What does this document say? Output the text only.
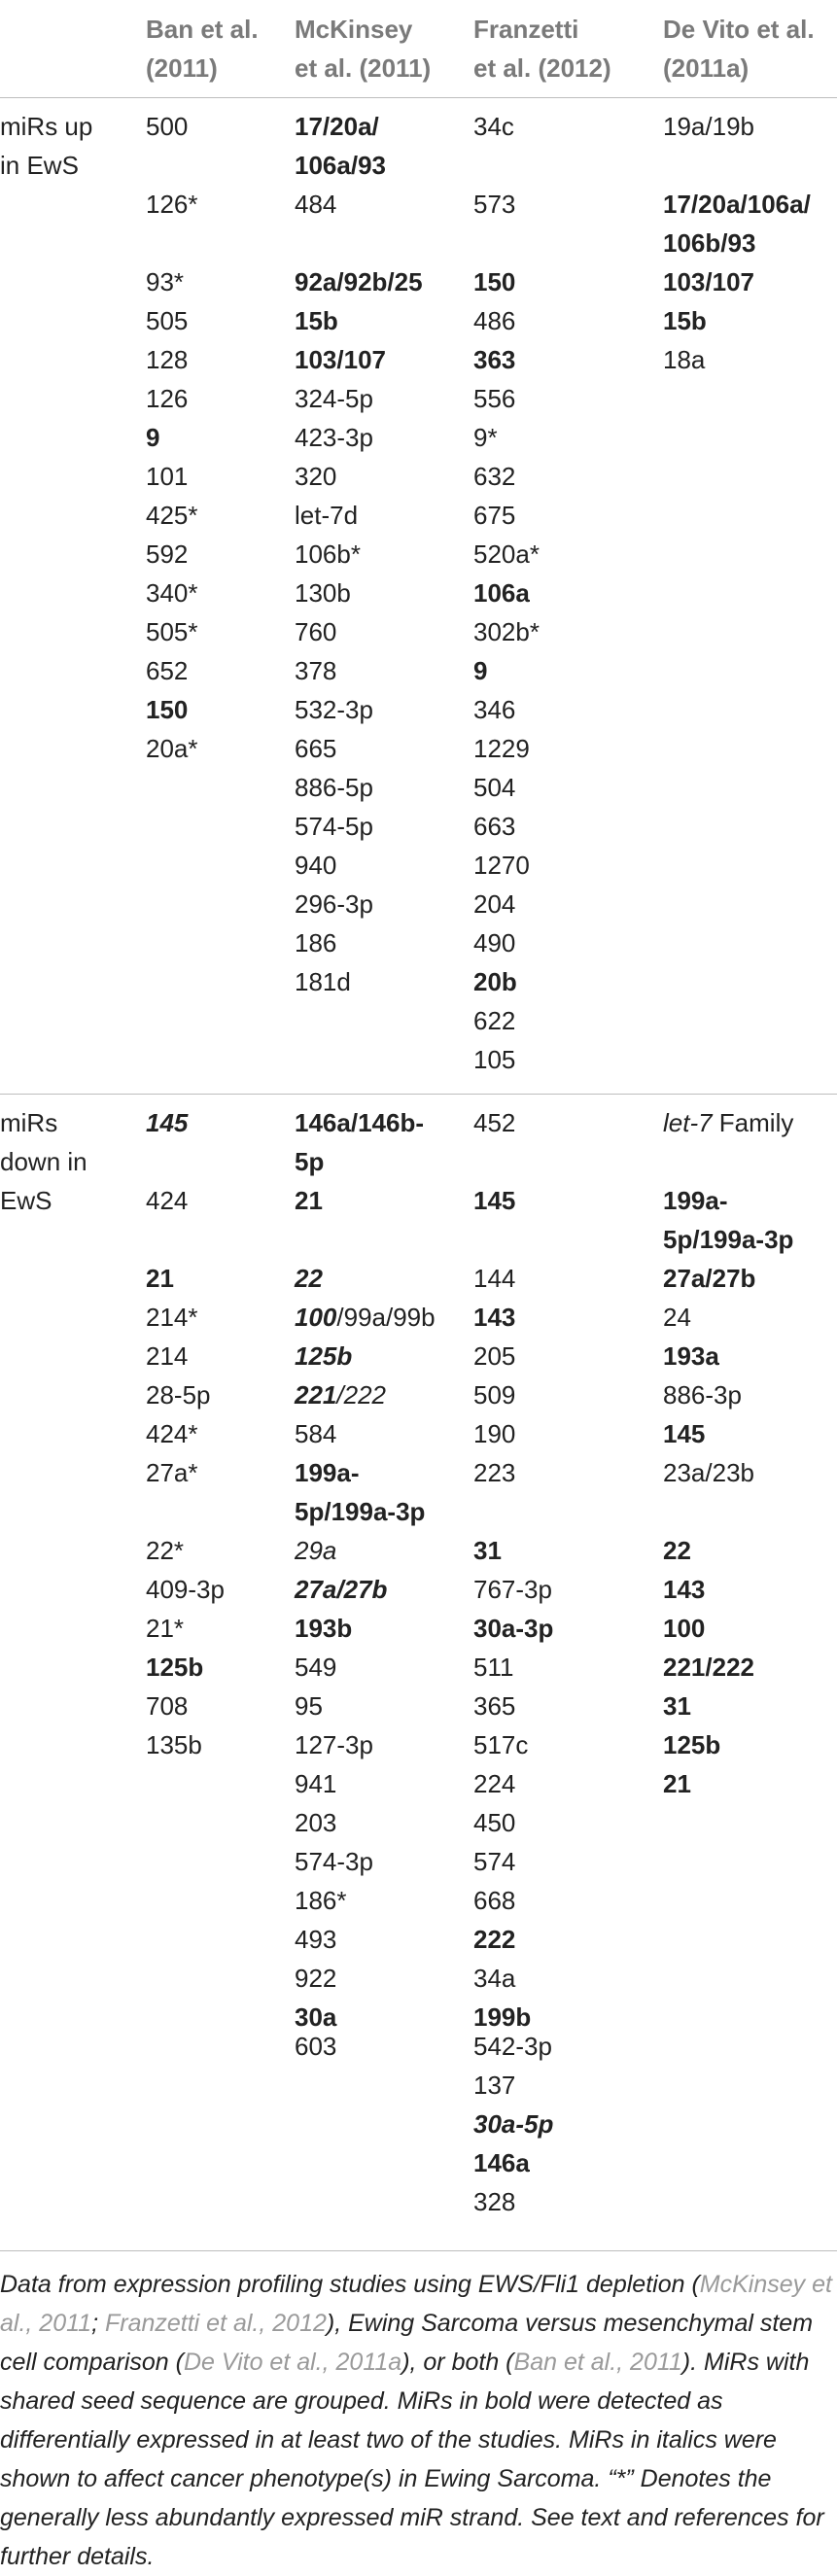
Ban et al.
(2011)
McKinsey
et al. (2011)
Franzetti
et al. (2012)
De Vito et al.
(2011a)
miRs up
in EwS
500
126*
93*
505
128
126
9
101
425*
592
340*
505*
652
150
20a*
17/20a/
106a/93
484
92a/92b/25
15b
103/107
324-5p
423-3p
320
let-7d
106b*
130b
760
378
532-3p
665
886-5p
574-5p
940
296-3p
186
181d
34c
573
150
486
363
556
9*
632
675
520a*
106a
302b*
9
346
1229
504
663
1270
204
490
20b
622
105
19a/19b
17/20a/106a/
106b/93
103/107
15b
18a
miRs
down in
EwS
145
424
21
214*
214
28-5p
424*
27a*
22*
409-3p
21*
125b
708
135b
146a/146b-
5p
21
22
100/99a/99b
125b
221/222
584
199a-
5p/199a-3p
29a
27a/27b
193b
549
95
127-3p
941
203
574-3p
186*
493
922
30a
603
452
145
144
143
205
509
190
223
31
767-3p
30a-3p
511
365
517c
224
450
574
668
222
34a
199b
542-3p
137
30a-5p
146a
328
let-7 Family
199a-
5p/199a-3p
27a/27b
24
193a
886-3p
145
23a/23b
22
143
100
221/222
31
125b
21
Data from expression profiling studies using EWS/Fli1 depletion (McKinsey et al., 2011; Franzetti et al., 2012), Ewing Sarcoma versus mesenchymal stem cell comparison (De Vito et al., 2011a), or both (Ban et al., 2011). MiRs with shared seed sequence are grouped. MiRs in bold were detected as differentially expressed in at least two of the studies. MiRs in italics were shown to affect cancer phenotype(s) in Ewing Sarcoma. “*” Denotes the generally less abundantly expressed miR strand. See text and references for further details.
